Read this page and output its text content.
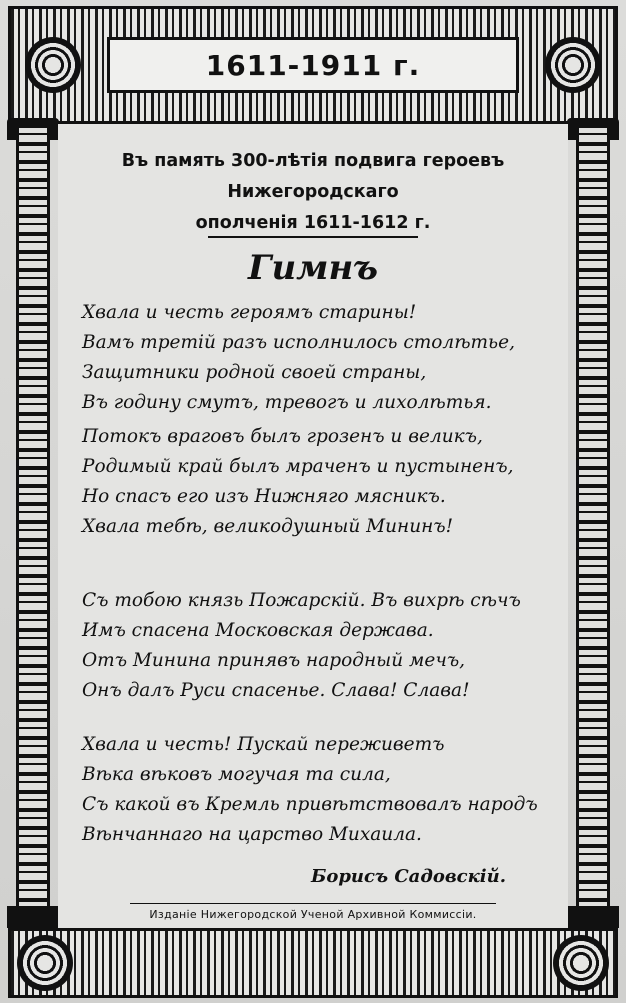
1611-1911 г.
Въ память 300-лѣтія подвига героевъ Нижегородскаго
ополченія 1611-1612 г.
Гимнъ
Хвала и честь героямъ старины!
Вамъ третій разъ исполнилось столѣтье,
Защитники родной своей страны,
Въ годину смутъ, тревогъ и лихолѣтья.
Потокъ враговъ былъ грозенъ и великъ,
Родимый край былъ мраченъ и пустыненъ,
Но спасъ его изъ Нижняго мясникъ.
Хвала тебѣ, великодушный Мининъ!
Съ тобою князь Пожарскій. Въ вихрѣ сѣчъ
Имъ спасена Московская держава.
Отъ Минина принявъ народный мечъ,
Онъ далъ Руси спасенье. Слава! Слава!
Хвала и честь! Пускай переживетъ
Вѣка вѣковъ могучая та сила,
Съ какой въ Кремль привѣтствовалъ народъ
Вѣнчаннаго на царство Михаила.
Борисъ Садовскій.
Изданіе Нижегородской Ученой Архивной Коммиссіи.
